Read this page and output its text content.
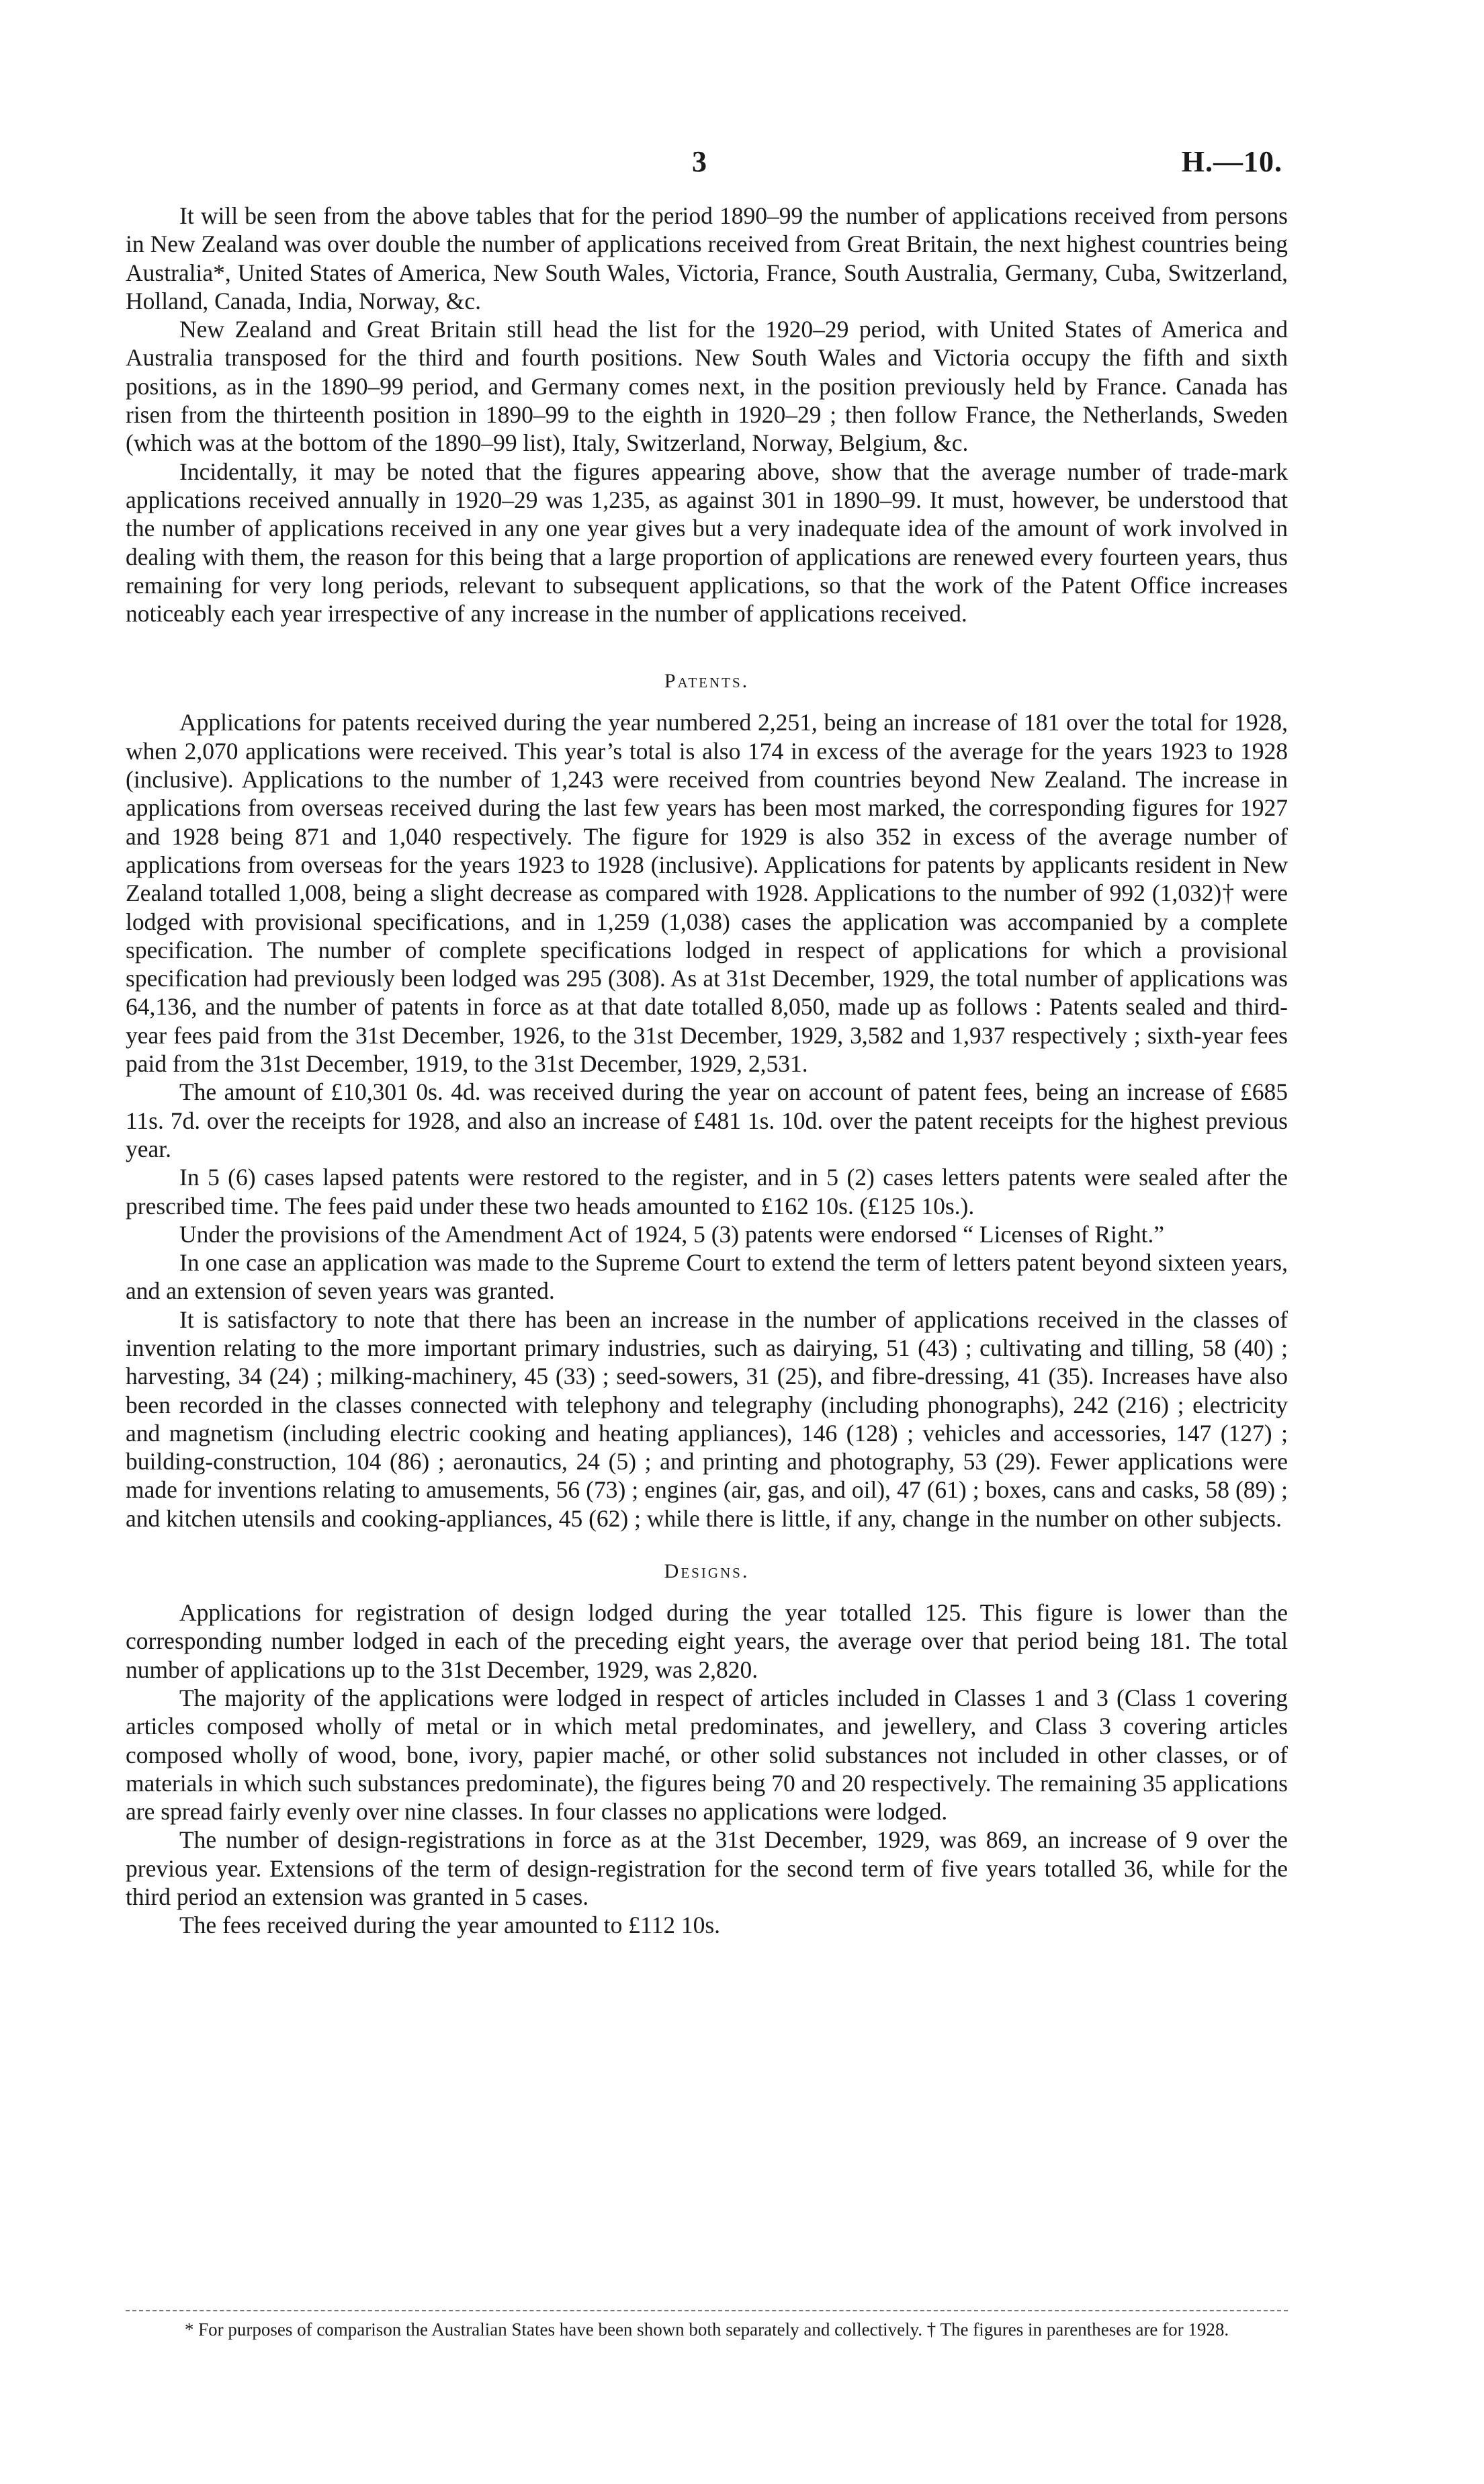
3	H.—10.

It will be seen from the above tables that for the period 1890–99 the number of applications received from persons in New Zealand was over double the number of applications received from Great Britain, the next highest countries being Australia*, United States of America, New South Wales, Victoria, France, South Australia, Germany, Cuba, Switzerland, Holland, Canada, India, Norway, &c.

New Zealand and Great Britain still head the list for the 1920–29 period, with United States of America and Australia transposed for the third and fourth positions. New South Wales and Victoria occupy the fifth and sixth positions, as in the 1890–99 period, and Germany comes next, in the position previously held by France. Canada has risen from the thirteenth position in 1890–99 to the eighth in 1920–29 ; then follow France, the Netherlands, Sweden (which was at the bottom of the 1890–99 list), Italy, Switzerland, Norway, Belgium, &c.

Incidentally, it may be noted that the figures appearing above, show that the average number of trade-mark applications received annually in 1920–29 was 1,235, as against 301 in 1890–99. It must, however, be understood that the number of applications received in any one year gives but a very inadequate idea of the amount of work involved in dealing with them, the reason for this being that a large proportion of applications are renewed every fourteen years, thus remaining for very long periods, relevant to subsequent applications, so that the work of the Patent Office increases noticeably each year irrespective of any increase in the number of applications received.

Patents.

Applications for patents received during the year numbered 2,251, being an increase of 181 over the total for 1928, when 2,070 applications were received. This year’s total is also 174 in excess of the average for the years 1923 to 1928 (inclusive). Applications to the number of 1,243 were received from countries beyond New Zealand. The increase in applications from overseas received during the last few years has been most marked, the corresponding figures for 1927 and 1928 being 871 and 1,040 respectively. The figure for 1929 is also 352 in excess of the average number of applications from overseas for the years 1923 to 1928 (inclusive). Applications for patents by applicants resident in New Zealand totalled 1,008, being a slight decrease as compared with 1928. Applications to the number of 992 (1,032)† were lodged with provisional specifications, and in 1,259 (1,038) cases the application was accompanied by a complete specification. The number of complete specifications lodged in respect of applications for which a provisional specification had previously been lodged was 295 (308). As at 31st December, 1929, the total number of applications was 64,136, and the number of patents in force as at that date totalled 8,050, made up as follows : Patents sealed and third-year fees paid from the 31st December, 1926, to the 31st December, 1929, 3,582 and 1,937 respectively ; sixth-year fees paid from the 31st December, 1919, to the 31st December, 1929, 2,531.

The amount of £10,301 0s. 4d. was received during the year on account of patent fees, being an increase of £685 11s. 7d. over the receipts for 1928, and also an increase of £481 1s. 10d. over the patent receipts for the highest previous year.

In 5 (6) cases lapsed patents were restored to the register, and in 5 (2) cases letters patents were sealed after the prescribed time. The fees paid under these two heads amounted to £162 10s. (£125 10s.).

Under the provisions of the Amendment Act of 1924, 5 (3) patents were endorsed “ Licenses of Right.”

In one case an application was made to the Supreme Court to extend the term of letters patent beyond sixteen years, and an extension of seven years was granted.

It is satisfactory to note that there has been an increase in the number of applications received in the classes of invention relating to the more important primary industries, such as dairying, 51 (43) ; cultivating and tilling, 58 (40) ; harvesting, 34 (24) ; milking-machinery, 45 (33) ; seed-sowers, 31 (25), and fibre-dressing, 41 (35). Increases have also been recorded in the classes connected with telephony and telegraphy (including phonographs), 242 (216) ; electricity and magnetism (including electric cooking and heating appliances), 146 (128) ; vehicles and accessories, 147 (127) ; building-construction, 104 (86) ; aeronautics, 24 (5) ; and printing and photography, 53 (29). Fewer applications were made for inventions relating to amusements, 56 (73) ; engines (air, gas, and oil), 47 (61) ; boxes, cans and casks, 58 (89) ; and kitchen utensils and cooking-appliances, 45 (62) ; while there is little, if any, change in the number on other subjects.

Designs.

Applications for registration of design lodged during the year totalled 125. This figure is lower than the corresponding number lodged in each of the preceding eight years, the average over that period being 181. The total number of applications up to the 31st December, 1929, was 2,820.

The majority of the applications were lodged in respect of articles included in Classes 1 and 3 (Class 1 covering articles composed wholly of metal or in which metal predominates, and jewellery, and Class 3 covering articles composed wholly of wood, bone, ivory, papier maché, or other solid substances not included in other classes, or of materials in which such substances predominate), the figures being 70 and 20 respectively. The remaining 35 applications are spread fairly evenly over nine classes. In four classes no applications were lodged.

The number of design-registrations in force as at the 31st December, 1929, was 869, an increase of 9 over the previous year. Extensions of the term of design-registration for the second term of five years totalled 36, while for the third period an extension was granted in 5 cases.

The fees received during the year amounted to £112 10s.

* For purposes of comparison the Australian States have been shown both separately and collectively. † The figures in parentheses are for 1928.
